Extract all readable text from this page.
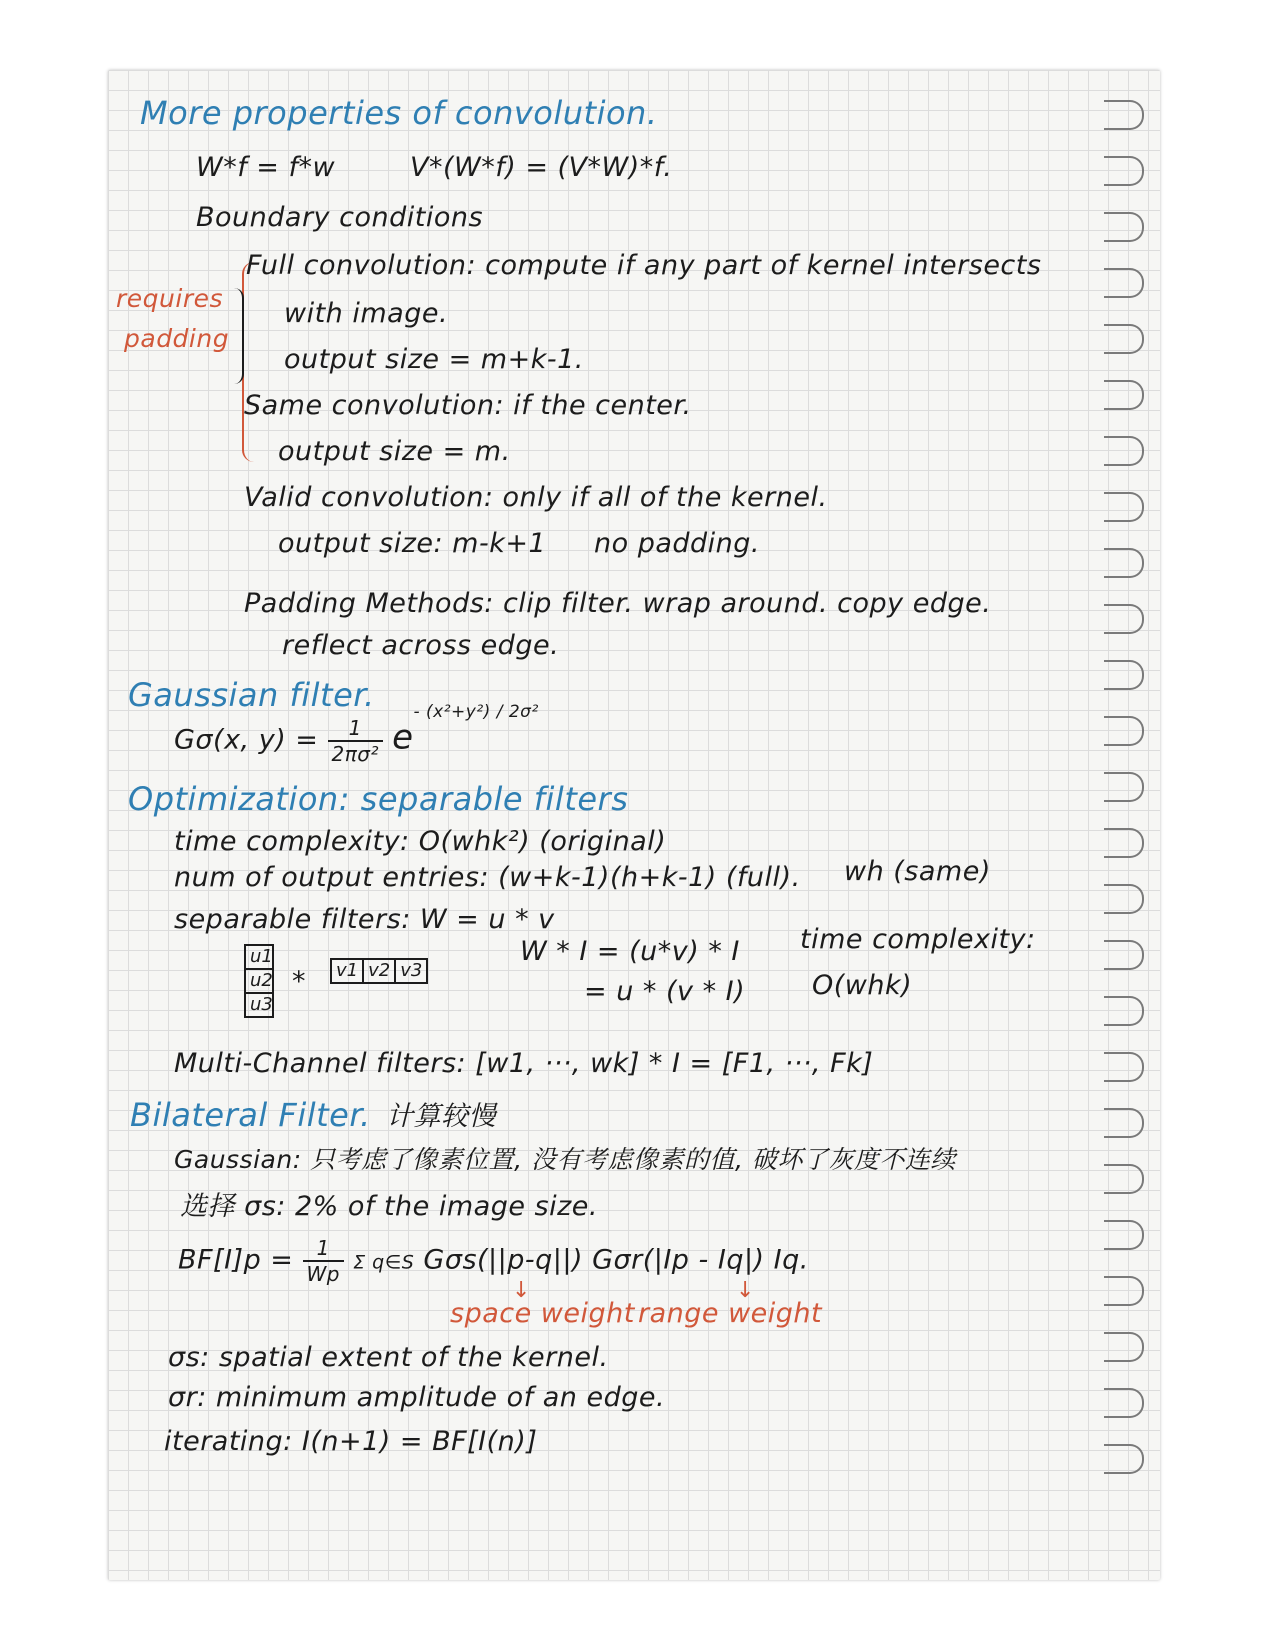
More properties of convolution.
W*f = f*w	V*(W*f) = (V*W)*f.
Boundary conditions
requires
padding
Full convolution: compute if any part of kernel intersects
with image.
output size = m+k-1.
Same convolution: if the center.
output size = m.
Valid convolution: only if all of the kernel.
output size: m-k+1 no padding.
Padding Methods: clip filter. wrap around. copy edge.
reflect across edge.
Gaussian filter.
Gσ(x, $y) = \frac{1}{\text{2πσ²}} e^{- (x^2+y^2) / 2\sigma^2}$
Optimization: separable filters
time complexity: O(whk²) (original)
num of output entries: (w+k-1)(h+k-1) (full). wh (same)
separable filters: W = u * v
u1
u2
u3
* v1 v2 v3
W * I = (u*v) * I
= u * (v * I)
time complexity:
O(whk)
Multi-Channel filters: [w1, ···, wk] * I = [F1, ···, Fk]
Bilateral Filter. 计算较慢
Gaussian: 只考虑了像素位置, 没有考虑像素的值, 破坏了灰度不连续
选择 σs: 2% of the image size.
$BF[I]p = \frac{1}{Wp}$ Σ q∈S Gσs(||p-q||) Gσr(|Ip - Iq|) Iq.
↓	↓
space weight range weight
σs: spatial extent of the kernel.
σr: minimum amplitude of an edge.
iterating: I(n+1) = BF[I(n)]
